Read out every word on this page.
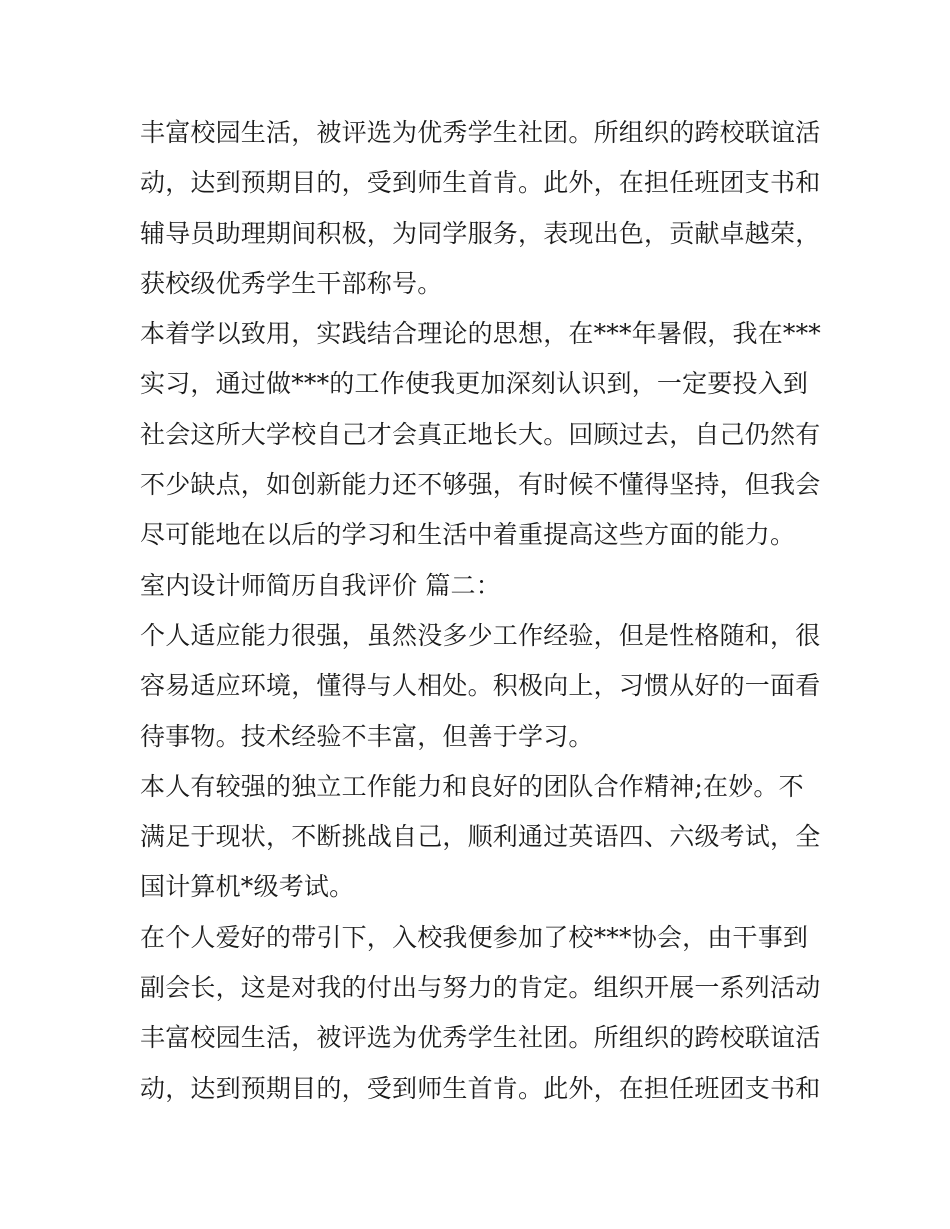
丰富校园生活，被评选为优秀学生社团。所组织的跨校联谊活
动，达到预期目的，受到师生首肯。此外，在担任班团支书和
辅导员助理期间积极，为同学服务，表现出色，贡献卓越荣，
获校级优秀学生干部称号。
本着学以致用，实践结合理论的思想，在***年暑假，我在***
实习，通过做***的工作使我更加深刻认识到，一定要投入到
社会这所大学校自己才会真正地长大。回顾过去，自己仍然有
不少缺点，如创新能力还不够强，有时候不懂得坚持，但我会
尽可能地在以后的学习和生活中着重提高这些方面的能力。
室内设计师简历自我评价 篇二：
个人适应能力很强，虽然没多少工作经验，但是性格随和，很
容易适应环境，懂得与人相处。积极向上，习惯从好的一面看
待事物。技术经验不丰富，但善于学习。
本人有较强的独立工作能力和良好的团队合作精神;在妙。不
满足于现状，不断挑战自己，顺利通过英语四、六级考试，全
国计算机*级考试。
在个人爱好的带引下，入校我便参加了校***协会，由干事到
副会长，这是对我的付出与努力的肯定。组织开展一系列活动
丰富校园生活，被评选为优秀学生社团。所组织的跨校联谊活
动，达到预期目的，受到师生首肯。此外，在担任班团支书和
